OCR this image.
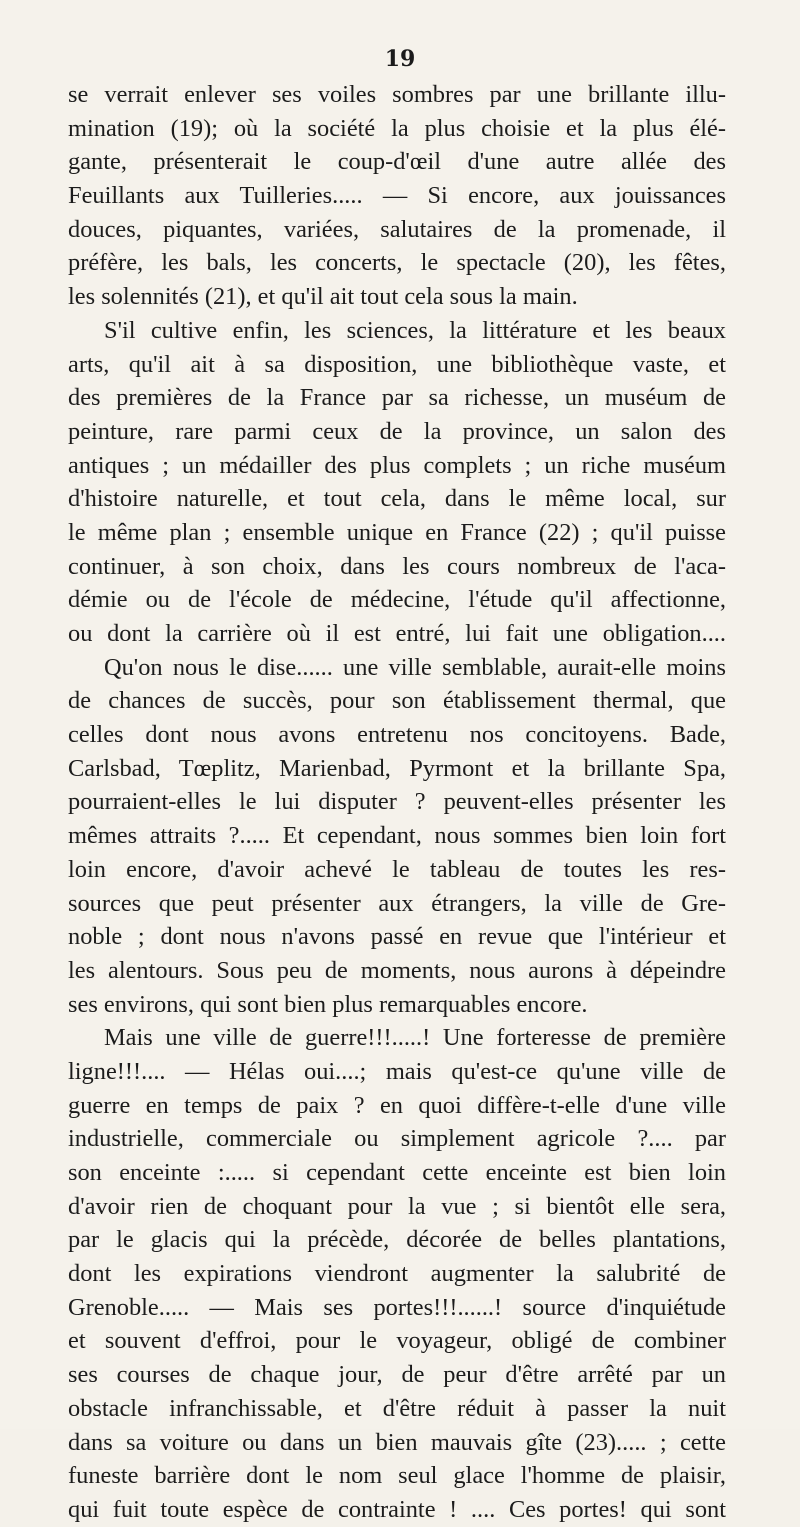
19
se verrait enlever ses voiles sombres par une brillante illu-
mination (19); où la société la plus choisie et la plus élé-
gante, présenterait le coup-d'œil d'une autre allée des
Feuillants aux Tuilleries..... — Si encore, aux jouissances
douces, piquantes, variées, salutaires de la promenade, il
préfère, les bals, les concerts, le spectacle (20), les fêtes,
les solennités (21), et qu'il ait tout cela sous la main.
S'il cultive enfin, les sciences, la littérature et les beaux
arts, qu'il ait à sa disposition, une bibliothèque vaste, et
des premières de la France par sa richesse, un muséum de
peinture, rare parmi ceux de la province, un salon des
antiques ; un médailler des plus complets ; un riche muséum
d'histoire naturelle, et tout cela, dans le même local, sur
le même plan ; ensemble unique en France (22) ; qu'il puisse
continuer, à son choix, dans les cours nombreux de l'aca-
démie ou de l'école de médecine, l'étude qu'il affectionne,
ou dont la carrière où il est entré, lui fait une obligation....
Qu'on nous le dise...... une ville semblable, aurait-elle moins
de chances de succès, pour son établissement thermal, que
celles dont nous avons entretenu nos concitoyens. Bade,
Carlsbad, Tœplitz, Marienbad, Pyrmont et la brillante Spa,
pourraient-elles le lui disputer ? peuvent-elles présenter les
mêmes attraits ?..... Et cependant, nous sommes bien loin fort
loin encore, d'avoir achevé le tableau de toutes les res-
sources que peut présenter aux étrangers, la ville de Gre-
noble ; dont nous n'avons passé en revue que l'intérieur et
les alentours. Sous peu de moments, nous aurons à dépeindre
ses environs, qui sont bien plus remarquables encore.
Mais une ville de guerre!!!.....! Une forteresse de première
ligne!!!.... — Hélas oui....; mais qu'est-ce qu'une ville de
guerre en temps de paix ? en quoi diffère-t-elle d'une ville
industrielle, commerciale ou simplement agricole ?.... par
son enceinte :..... si cependant cette enceinte est bien loin
d'avoir rien de choquant pour la vue ; si bientôt elle sera,
par le glacis qui la précède, décorée de belles plantations,
dont les expirations viendront augmenter la salubrité de
Grenoble..... — Mais ses portes!!!......! source d'inquiétude
et souvent d'effroi, pour le voyageur, obligé de combiner
ses courses de chaque jour, de peur d'être arrêté par un
obstacle infranchissable, et d'être réduit à passer la nuit
dans sa voiture ou dans un bien mauvais gîte (23)..... ; cette
funeste barrière dont le nom seul glace l'homme de plaisir,
qui fuit toute espèce de contrainte ! .... Ces portes! qui sont
